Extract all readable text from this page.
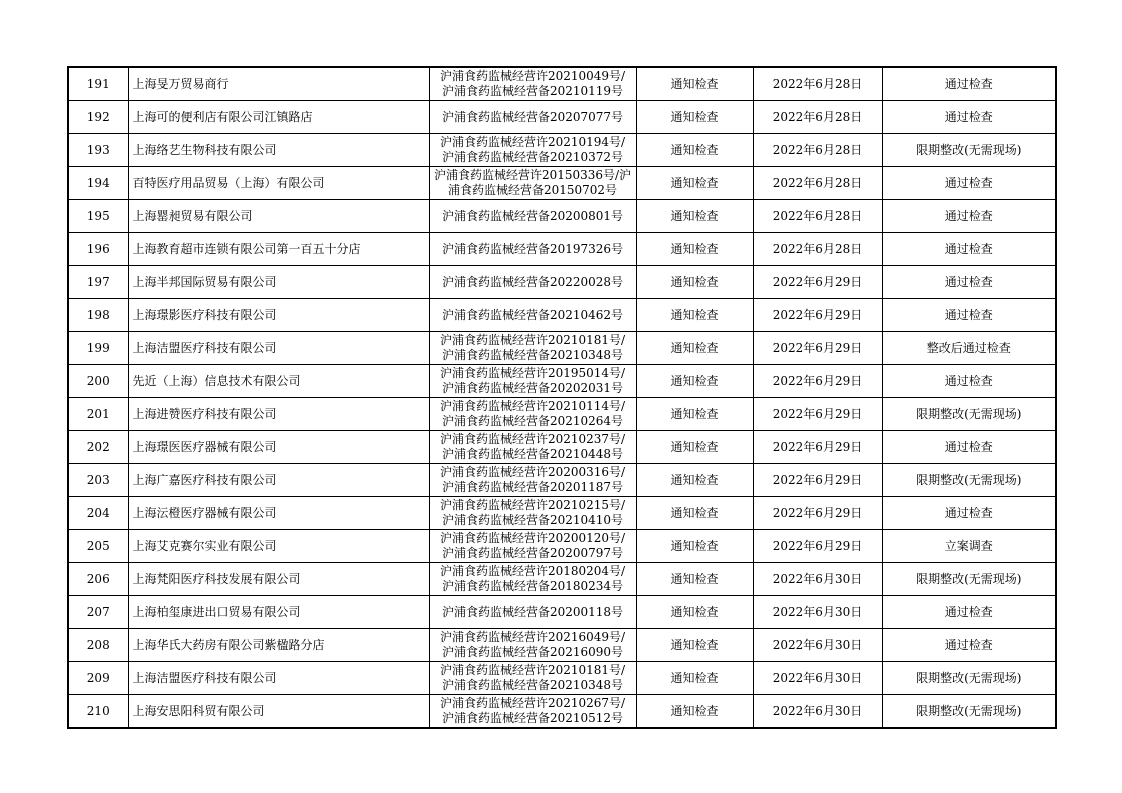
191	上海旻万贸易商行	沪浦食药监械经营许20210049号/
沪浦食药监械经营备20210119号	通知检查	2022年6月28日	通过检查
192	上海可的便利店有限公司江镇路店	沪浦食药监械经营备20207077号	通知检查	2022年6月28日	通过检查
193	上海络艺生物科技有限公司	沪浦食药监械经营许20210194号/
沪浦食药监械经营备20210372号	通知检查	2022年6月28日	限期整改(无需现场)
194	百特医疗用品贸易（上海）有限公司	沪浦食药监械经营许20150336号/沪
浦食药监械经营备20150702号	通知检查	2022年6月28日	通过检查
195	上海罂昶贸易有限公司	沪浦食药监械经营备20200801号	通知检查	2022年6月28日	通过检查
196	上海教育超市连锁有限公司第一百五十分店	沪浦食药监械经营备20197326号	通知检查	2022年6月28日	通过检查
197	上海半邦国际贸易有限公司	沪浦食药监械经营备20220028号	通知检查	2022年6月29日	通过检查
198	上海璟影医疗科技有限公司	沪浦食药监械经营备20210462号	通知检查	2022年6月29日	通过检查
199	上海洁盟医疗科技有限公司	沪浦食药监械经营许20210181号/
沪浦食药监械经营备20210348号	通知检查	2022年6月29日	整改后通过检查
200	先近（上海）信息技术有限公司	沪浦食药监械经营许20195014号/
沪浦食药监械经营备20202031号	通知检查	2022年6月29日	通过检查
201	上海进赞医疗科技有限公司	沪浦食药监械经营许20210114号/
沪浦食药监械经营备20210264号	通知检查	2022年6月29日	限期整改(无需现场)
202	上海璟医医疗器械有限公司	沪浦食药监械经营许20210237号/
沪浦食药监械经营备20210448号	通知检查	2022年6月29日	通过检查
203	上海广嘉医疗科技有限公司	沪浦食药监械经营许20200316号/
沪浦食药监械经营备20201187号	通知检查	2022年6月29日	限期整改(无需现场)
204	上海沄橙医疗器械有限公司	沪浦食药监械经营许20210215号/
沪浦食药监械经营备20210410号	通知检查	2022年6月29日	通过检查
205	上海艾克赛尔实业有限公司	沪浦食药监械经营许20200120号/
沪浦食药监械经营备20200797号	通知检查	2022年6月29日	立案调查
206	上海梵阳医疗科技发展有限公司	沪浦食药监械经营许20180204号/
沪浦食药监械经营备20180234号	通知检查	2022年6月30日	限期整改(无需现场)
207	上海柏玺康进出口贸易有限公司	沪浦食药监械经营备20200118号	通知检查	2022年6月30日	通过检查
208	上海华氏大药房有限公司紫楹路分店	沪浦食药监械经营许20216049号/
沪浦食药监械经营备20216090号	通知检查	2022年6月30日	通过检查
209	上海洁盟医疗科技有限公司	沪浦食药监械经营许20210181号/
沪浦食药监械经营备20210348号	通知检查	2022年6月30日	限期整改(无需现场)
210	上海安思阳科贸有限公司	沪浦食药监械经营许20210267号/
沪浦食药监械经营备20210512号	通知检查	2022年6月30日	限期整改(无需现场)
